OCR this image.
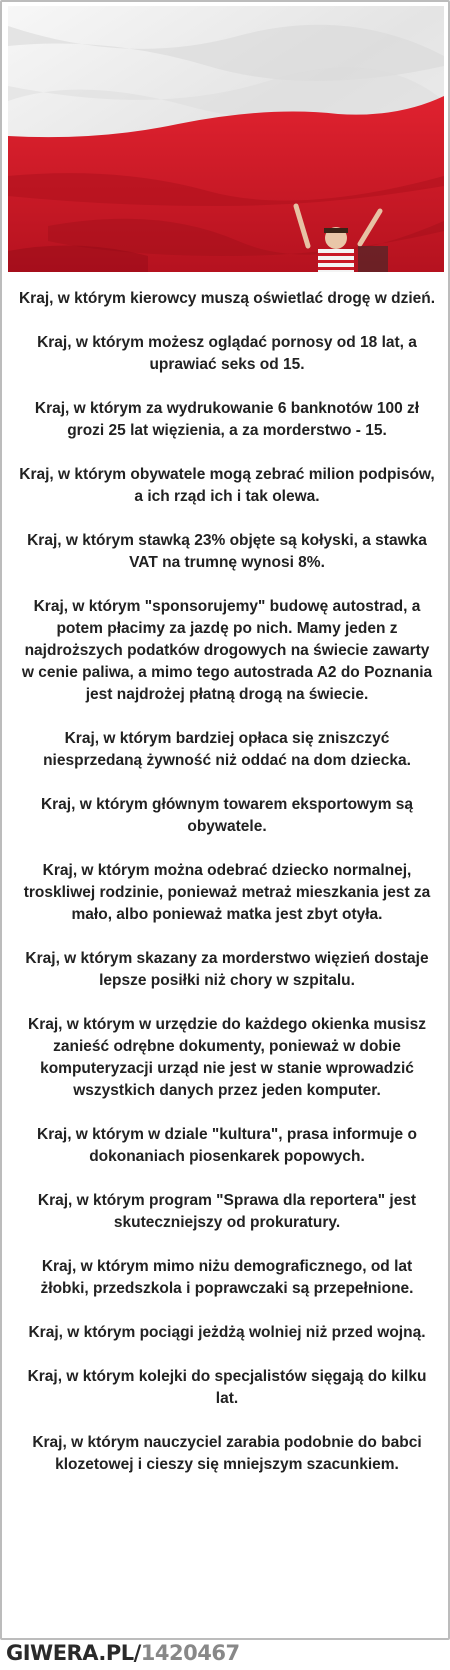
Kraj, w którym kierowcy muszą oświetlać drogę w dzień.

Kraj, w którym możesz oglądać pornosy od 18 lat, a uprawiać seks od 15.

Kraj, w którym za wydrukowanie 6 banknotów 100 zł grozi 25 lat więzienia, a za morderstwo - 15.

Kraj, w którym obywatele mogą zebrać milion podpisów, a ich rząd ich i tak olewa.

Kraj, w którym stawką 23% objęte są kołyski, a stawka VAT na trumnę wynosi 8%.

Kraj, w którym "sponsorujemy" budowę autostrad, a potem płacimy za jazdę po nich. Mamy jeden z najdroższych podatków drogowych na świecie zawarty w cenie paliwa, a mimo tego autostrada A2 do Poznania jest najdrożej płatną drogą na świecie.

Kraj, w którym bardziej opłaca się zniszczyć niesprzedaną żywność niż oddać na dom dziecka.

Kraj, w którym głównym towarem eksportowym są obywatele.

Kraj, w którym można odebrać dziecko normalnej, troskliwej rodzinie, ponieważ metraż mieszkania jest za mało, albo ponieważ matka jest zbyt otyła.

Kraj, w którym skazany za morderstwo więzień dostaje lepsze posiłki niż chory w szpitalu.

Kraj, w którym w urzędzie do każdego okienka musisz zanieść odrębne dokumenty, ponieważ w dobie komputeryzacji urząd nie jest w stanie wprowadzić wszystkich danych przez jeden komputer.

Kraj, w którym w dziale "kultura", prasa informuje o dokonaniach piosenkarek popowych.

Kraj, w którym program "Sprawa dla reportera" jest skuteczniejszy od prokuratury.

Kraj, w którym mimo niżu demograficznego, od lat żłobki, przedszkola i poprawczaki są przepełnione.

Kraj, w którym pociągi jeżdżą wolniej niż przed wojną.

Kraj, w którym kolejki do specjalistów sięgają do kilku lat.

Kraj, w którym nauczyciel zarabia podobnie do babci klozetowej i cieszy się mniejszym szacunkiem.

GIWERA.PL/ 1420467
